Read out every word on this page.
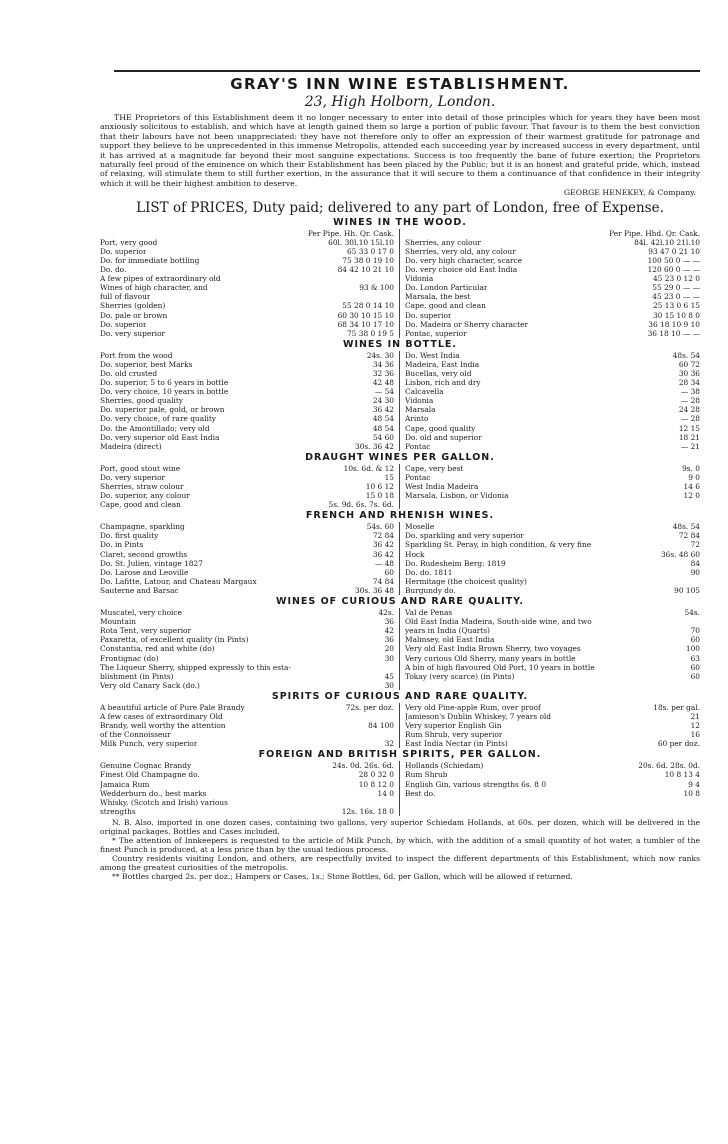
GRAY'S INN WINE ESTABLISHMENT.
23, High Holborn, London.

THE Proprietors of this Establishment deem it no longer necessary to enter into detail of those principles which for years they have been most anxiously solicitous to establish, and which have at length gained them so large a portion of public favour. That favour is to them the best conviction that their labours have not been unappreciated: they have not therefore only to offer an expression of their warmest gratitude for patronage and support they believe to be unprecedented in this immense Metropolis, attended each succeeding year by increased success in every department, until it has arrived at a magnitude far beyond their most sanguine expectations. Success is too frequently the bane of future exertion; the Proprietors naturally feel proud of the eminence on which their Establishment has been placed by the Public; but it is an honest and grateful pride, which, instead of relaxing, will stimulate them to still further exertion, in the assurance that it will secure to them a continuance of that confidence in their integrity which it will be their highest ambition to deserve.

GEORGE HENEKEY, & Company.
LIST of PRICES, Duty paid; delivered to any part of London, free of Expense.
WINES IN THE WOOD.
Per Pipe. Hh. Qr. Cask.
Port, very good	60l. 30l.10 15l.10
Do. superior	65 33 0 17 0
Do. for immediate bottling	75 38 0 19 10
Do. do.	84 42 10 21 10
A few pipes of extraordinary old
Wines of high character, and	93 & 100
full of flavour
Sherries (golden)	55 28 0 14 10
Do. pale or brown	60 30 10 15 10
Do. superior	68 34 10 17 10
Do. very superior	75 38 0 19 5
Per Pipe. Hhd. Qr. Cask.
Sherries, any colour	84l. 42l.10 21l.10
Sherries, very old, any colour	93 47 0 21 10
Do. very high character, scarce	100 50 0 — —
Do. very choice old East India	120 60 0 — —
Vidonia	45 23 0 12 0
Do. London Particular	55 29 0 — —
Marsala, the best	45 23 0 — —
Cape, good and clean	25 13 0 6 15
Do. superior	30 15 10 8 0
Do. Madeira or Sherry character	36 18 10 9 10
Pontac, superior	36 18 10 — —
WINES IN BOTTLE.
Port from the wood	24s. 30
Do. superior, best Marks	34 36
Do. old crusted	32 36
Do. superior, 5 to 6 years in bottle	42 48
Do. very choice, 10 years in bottle	— 54
Sherries, good quality	24 30
Do. superior pale, gold, or brown	36 42
Do. very choice, of rare quality	48 54
Do. the Amontillado; very old	48 54
Do. very superior old East India	54 60
Madeira (direct)	30s. 36 42
Do. West India	48s. 54
Madeira, East India	60 72
Bucellas, very old	30 36
Lisbon, rich and dry	28 34
Calcavella	— 38
Vidonia	— 28
Marsala	24 28
Arinto	— 28
Cape, good quality	12 15
Do. old and superior	18 21
Pontac	— 21
DRAUGHT WINES PER GALLON.
Port, good stout wine	10s. 6d. & 12
Do. very superior	15
Sherries, straw colour	10 6 12
Do. superior, any colour	15 0 18
Cape, good and clean	5s. 9d. 6s. 7s. 6d.
Cape, very best	9s. 0
Pontac	9 0
West India Madeira	14 6
Marsala, Lisbon, or Vidonia	12 0
FRENCH AND RHENISH WINES.
Champagne, sparkling	54s. 60
Do. first quality	72 84
Do. in Pints	36 42
Claret, second growths	36 42
Do. St. Julien, vintage 1827	— 48
Do. Larose and Leoville	60
Do. Lafitte, Latour, and Chateau Margaux	74 84
Sauterne and Barsac	30s. 36 48
Moselle	48s. 54
Do. sparkling and very superior	72 84
Sparkling St. Peray, in high condition, & very fine	72
Hock	36s. 48 60
Do. Rudesheim Berg: 1819	84
Do. do. 1811	90
Hermitage (the choicest quality)
Burgundy do.	90 105
WINES OF CURIOUS AND RARE QUALITY.
Muscatel, very choice	42s.
Mountain	36
Rota Tent, very superior	42
Paxaretta, of excellent quality (in Pints)	36
Constantia, red and white (do)	20
Frontignac (do)	30
The Liqueur Sherry, shipped expressly to this esta-
blishment (in Pints)	45
Very old Canary Sack (do.)	30
Val de Penas	54s.
Old East India Madeira, South-side wine, and two
years in India (Quarts)	70
Malmsey, old East India	60
Very old East India Brown Sherry, two voyages	100
Very curious Old Sherry, many years in bottle	63
A bin of high flavoured Old Port, 10 years in bottle	60
Tokay (very scarce) (in Pints)	60
SPIRITS OF CURIOUS AND RARE QUALITY.
A beautiful article of Pure Pale Brandy	72s. per doz.
A few cases of extraordinary Old
Brandy, well worthy the attention	84 100
of the Connoisseur
Milk Punch, very superior	32
Very old Pine-apple Rum, over proof	18s. per gal.
Jamieson's Dublin Whiskey, 7 years old	21
Very superior English Gin	12
Rum Shrub, very superior	16
East India Nectar (in Pints)	60 per doz.
FOREIGN AND BRITISH SPIRITS, PER GALLON.
Genuine Cognac Brandy	24s. 0d. 26s. 6d.
Finest Old Champagne do.	28 0 32 0
Jamaica Rum	10 8 12 0
Wedderburn do., best marks	14 0
Whisky, (Scotch and Irish) various
strengths	12s. 16s. 18 0
Hollands (Schiedam)	20s. 6d. 28s. 0d.
Rum Shrub	10 8 13 4
English Gin, various strengths 6s. 8 0	9 4
Best do.	10 8
N. B. Also, imported in one dozen cases, containing two gallons, very superior Schiedam Hollands, at 60s. per dozen, which will be delivered in the original packages. Bottles and Cases included.
* The attention of Innkeepers is requested to the article of Milk Punch, by which, with the addition of a small quantity of hot water, a tumbler of the finest Punch is produced, at a less price than by the usual tedious process.
Country residents visiting London, and others, are respectfully invited to inspect the different departments of this Establishment, which now ranks among the greatest curiosities of the metropolis.
** Bottles charged 2s. per doz.; Hampers or Cases, 1s.; Stone Bottles, 6d. per Gallon, which will be allowed if returned.
